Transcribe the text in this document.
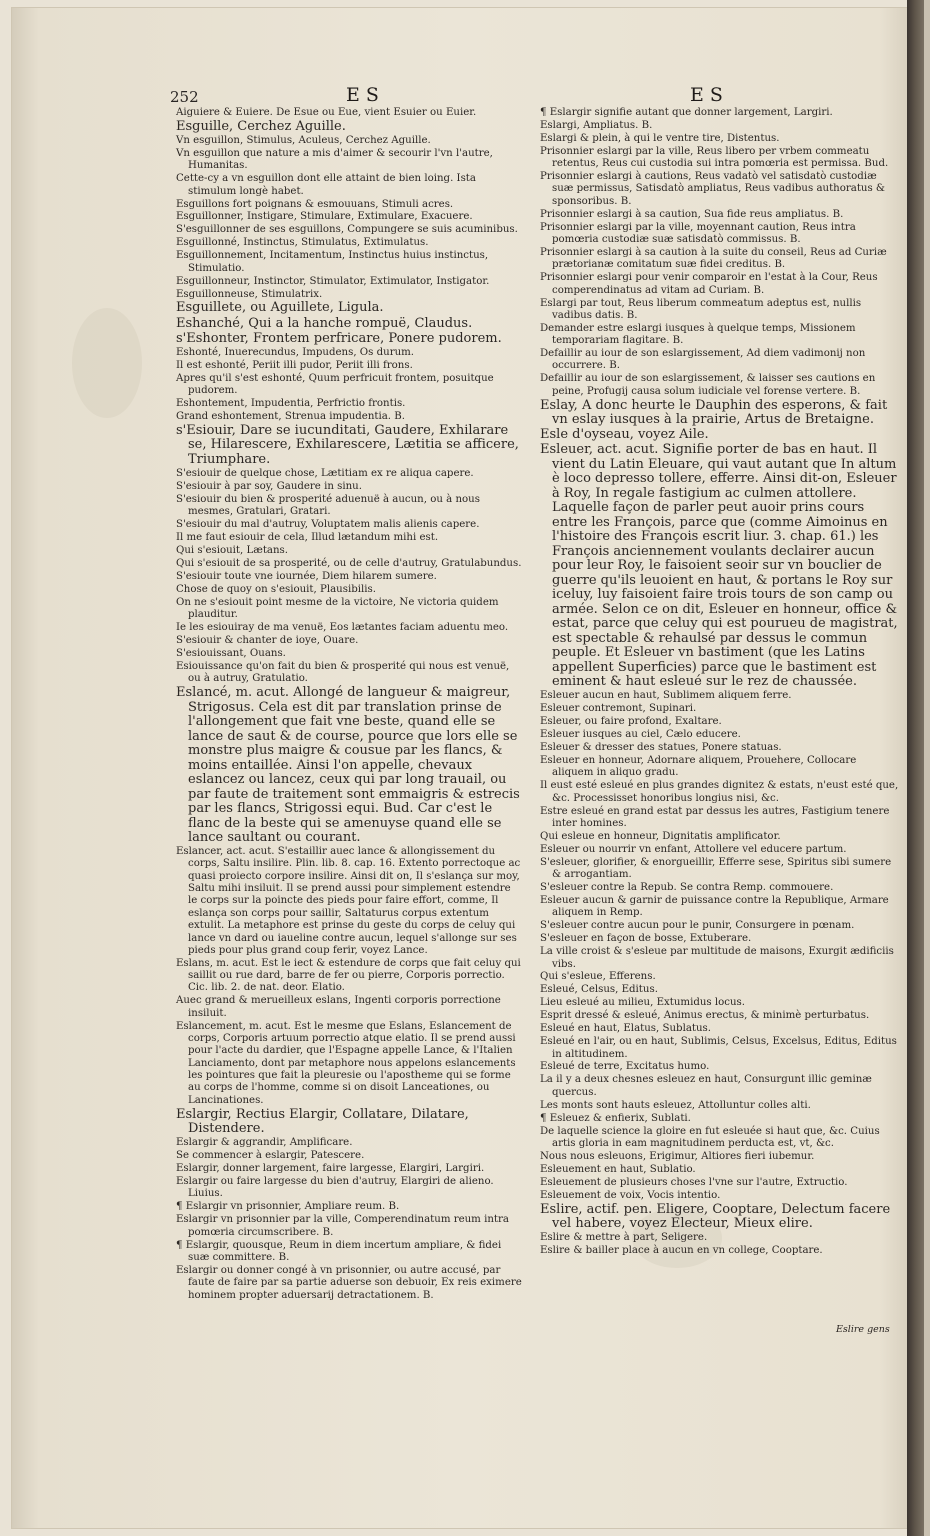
252	ES	ES
Aiguiere & Euiere. De Esue ou Eue, vient Esuier ou Euier.
Esguille, Cerchez Aguille.
Vn esguillon, Stimulus, Aculeus, Cerchez Aguille.
Vn esguillon que nature a mis d'aimer & secourir l'vn l'autre, Humanitas.
Cette-cy a vn esguillon dont elle attaint de bien loing. Ista stimulum longè habet.
Esguillons fort poignans & esmouuans, Stimuli acres.
Esguillonner, Instigare, Stimulare, Extimulare, Exacuere.
S'esguillonner de ses esguillons, Compungere se suis acuminibus.
Esguillonné, Instinctus, Stimulatus, Extimulatus.
Esguillonnement, Incitamentum, Instinctus huius instinctus, Stimulatio.
Esguillonneur, Instinctor, Stimulator, Extimulator, Instigator.
Esguillonneuse, Stimulatrix.
Esguillete, ou Aguillete, Ligula.
Eshanché, Qui a la hanche rompuë, Claudus.
s'Eshonter, Frontem perfricare, Ponere pudorem.
Eshonté, Inuerecundus, Impudens, Os durum.
Il est eshonté, Periit illi pudor, Periit illi frons.
Apres qu'il s'est eshonté, Quum perfricuit frontem, posuitque pudorem.
Eshontement, Impudentia, Perfrictio frontis.
Grand eshontement, Strenua impudentia. B.
s'Esiouir, Dare se iucunditati, Gaudere, Exhilarare se, Hilarescere, Exhilarescere, Lætitia se afficere, Triumphare.
S'esiouir de quelque chose, Lætitiam ex re aliqua capere.
S'esiouir à par soy, Gaudere in sinu.
S'esiouir du bien & prosperité aduenuë à aucun, ou à nous mesmes, Gratulari, Gratari.
S'esiouir du mal d'autruy, Voluptatem malis alienis capere.
Il me faut esiouir de cela, Illud lætandum mihi est.
Qui s'esiouit, Lætans.
Qui s'esiouit de sa prosperité, ou de celle d'autruy, Gratulabundus.
S'esiouir toute vne iournée, Diem hilarem sumere.
Chose de quoy on s'esiouit, Plausibilis.
On ne s'esiouit point mesme de la victoire, Ne victoria quidem plauditur.
Ie les esiouiray de ma venuë, Eos lætantes faciam aduentu meo.
S'esiouir & chanter de ioye, Ouare.
S'esiouissant, Ouans.
Esiouissance qu'on fait du bien & prosperité qui nous est venuë, ou à autruy, Gratulatio.
Eslancé, m. acut. Allongé de langueur & maigreur, Strigosus. Cela est dit par translation prinse de l'allongement que fait vne beste, quand elle se lance de saut & de course, pource que lors elle se monstre plus maigre & cousue par les flancs, & moins entaillée. Ainsi l'on appelle, chevaux eslancez ou lancez, ceux qui par long trauail, ou par faute de traitement sont emmaigris & estrecis par les flancs, Strigossi equi. Bud. Car c'est le flanc de la beste qui se amenuyse quand elle se lance saultant ou courant.
Eslancer, act. acut. S'estaillir auec lance & allongissement du corps, Saltu insilire. Plin. lib. 8. cap. 16. Extento porrectoque ac quasi proiecto corpore insilire. Ainsi dit on, Il s'eslança sur moy, Saltu mihi insiluit. Il se prend aussi pour simplement estendre le corps sur la poincte des pieds pour faire effort, comme, Il eslança son corps pour saillir, Saltaturus corpus extentum extulit. La metaphore est prinse du geste du corps de celuy qui lance vn dard ou iaueline contre aucun, lequel s'allonge sur ses pieds pour plus grand coup ferir, voyez Lance.
Eslans, m. acut. Est le iect & estendure de corps que fait celuy qui saillit ou rue dard, barre de fer ou pierre, Corporis porrectio. Cic. lib. 2. de nat. deor. Elatio.
Auec grand & merueilleux eslans, Ingenti corporis porrectione insiluit.
Eslancement, m. acut. Est le mesme que Eslans, Eslancement de corps, Corporis artuum porrectio atque elatio. Il se prend aussi pour l'acte du dardier, que l'Espagne appelle Lance, & l'Italien Lanciamento, dont par metaphore nous appelons eslancements les pointures que fait la pleuresie ou l'apostheme qui se forme au corps de l'homme, comme si on disoit Lanceationes, ou Lancinationes.
Eslargir, Rectius Elargir, Collatare, Dilatare, Distendere.
Eslargir & aggrandir, Amplificare.
Se commencer à eslargir, Patescere.
Eslargir, donner largement, faire largesse, Elargiri, Largiri.
Eslargir ou faire largesse du bien d'autruy, Elargiri de alieno. Liuius.
¶ Eslargir vn prisonnier, Ampliare reum. B.
Eslargir vn prisonnier par la ville, Comperendinatum reum intra pomœria circumscribere. B.
¶ Eslargir, quousque, Reum in diem incertum ampliare, & fidei suæ committere. B.
Eslargir ou donner congé à vn prisonnier, ou autre accusé, par faute de faire par sa partie aduerse son debuoir, Ex reis eximere hominem propter aduersarij detractationem. B.
¶ Eslargir signifie autant que donner largement, Largiri.
Eslargi, Ampliatus. B.
Eslargi & plein, à qui le ventre tire, Distentus.
Prisonnier eslargi par la ville, Reus libero per vrbem commeatu retentus, Reus cui custodia sui intra pomœria est permissa. Bud.
Prisonnier eslargi à cautions, Reus vadatò vel satisdatò custodiæ suæ permissus, Satisdatò ampliatus, Reus vadibus authoratus & sponsoribus. B.
Prisonnier eslargi à sa caution, Sua fide reus ampliatus. B.
Prisonnier eslargi par la ville, moyennant caution, Reus intra pomœria custodiæ suæ satisdatò commissus. B.
Prisonnier eslargi à sa caution à la suite du conseil, Reus ad Curiæ prætorianæ comitatum suæ fidei creditus. B.
Prisonnier eslargi pour venir comparoir en l'estat à la Cour, Reus comperendinatus ad vitam ad Curiam. B.
Eslargi par tout, Reus liberum commeatum adeptus est, nullis vadibus datis. B.
Demander estre eslargi iusques à quelque temps, Missionem temporariam flagitare. B.
Defaillir au iour de son eslargissement, Ad diem vadimonij non occurrere. B.
Defaillir au iour de son eslargissement, & laisser ses cautions en peine, Profugij causa solum iudiciale vel forense vertere. B.
Eslay, A donc heurte le Dauphin des esperons, & fait vn eslay iusques à la prairie, Artus de Bretaigne.
Esle d'oyseau, voyez Aile.
Esleuer, act. acut. Signifie porter de bas en haut. Il vient du Latin Eleuare, qui vaut autant que In altum è loco depresso tollere, efferre. Ainsi dit-on, Esleuer à Roy, In regale fastigium ac culmen attollere. Laquelle façon de parler peut auoir prins cours entre les François, parce que (comme Aimoinus en l'histoire des François escrit liur. 3. chap. 61.) les François anciennement voulants declairer aucun pour leur Roy, le faisoient seoir sur vn bouclier de guerre qu'ils leuoient en haut, & portans le Roy sur iceluy, luy faisoient faire trois tours de son camp ou armée. Selon ce on dit, Esleuer en honneur, office & estat, parce que celuy qui est pourueu de magistrat, est spectable & rehaulsé par dessus le commun peuple. Et Esleuer vn bastiment (que les Latins appellent Superficies) parce que le bastiment est eminent & haut esleué sur le rez de chaussée.
Esleuer aucun en haut, Sublimem aliquem ferre.
Esleuer contremont, Supinari.
Esleuer, ou faire profond, Exaltare.
Esleuer iusques au ciel, Cælo educere.
Esleuer & dresser des statues, Ponere statuas.
Esleuer en honneur, Adornare aliquem, Prouehere, Collocare aliquem in aliquo gradu.
Il eust esté esleué en plus grandes dignitez & estats, n'eust esté que, &c. Processisset honoribus longius nisi, &c.
Estre esleué en grand estat par dessus les autres, Fastigium tenere inter homines.
Qui esleue en honneur, Dignitatis amplificator.
Esleuer ou nourrir vn enfant, Attollere vel educere partum.
S'esleuer, glorifier, & enorgueillir, Efferre sese, Spiritus sibi sumere & arrogantiam.
S'esleuer contre la Repub. Se contra Remp. commouere.
Esleuer aucun & garnir de puissance contre la Republique, Armare aliquem in Remp.
S'esleuer contre aucun pour le punir, Consurgere in pœnam.
S'esleuer en façon de bosse, Extuberare.
La ville croist & s'esleue par multitude de maisons, Exurgit ædificiis vibs.
Qui s'esleue, Efferens.
Esleué, Celsus, Editus.
Lieu esleué au milieu, Extumidus locus.
Esprit dressé & esleué, Animus erectus, & minimè perturbatus.
Esleué en haut, Elatus, Sublatus.
Esleué en l'air, ou en haut, Sublimis, Celsus, Excelsus, Editus, Editus in altitudinem.
Esleué de terre, Excitatus humo.
La il y a deux chesnes esleuez en haut, Consurgunt illic geminæ quercus.
Les monts sont hauts esleuez, Attolluntur colles alti.
¶ Esleuez & enfierix, Sublati.
De laquelle science la gloire en fut esleuée si haut que, &c. Cuius artis gloria in eam magnitudinem perducta est, vt, &c.
Nous nous esleuons, Erigimur, Altiores fieri iubemur.
Esleuement en haut, Sublatio.
Esleuement de plusieurs choses l'vne sur l'autre, Extructio.
Esleuement de voix, Vocis intentio.
Eslire, actif. pen. Eligere, Cooptare, Delectum facere vel habere, voyez Electeur, Mieux elire.
Eslire & mettre à part, Seligere.
Eslire & bailler place à aucun en vn college, Cooptare.
Eslire gens
